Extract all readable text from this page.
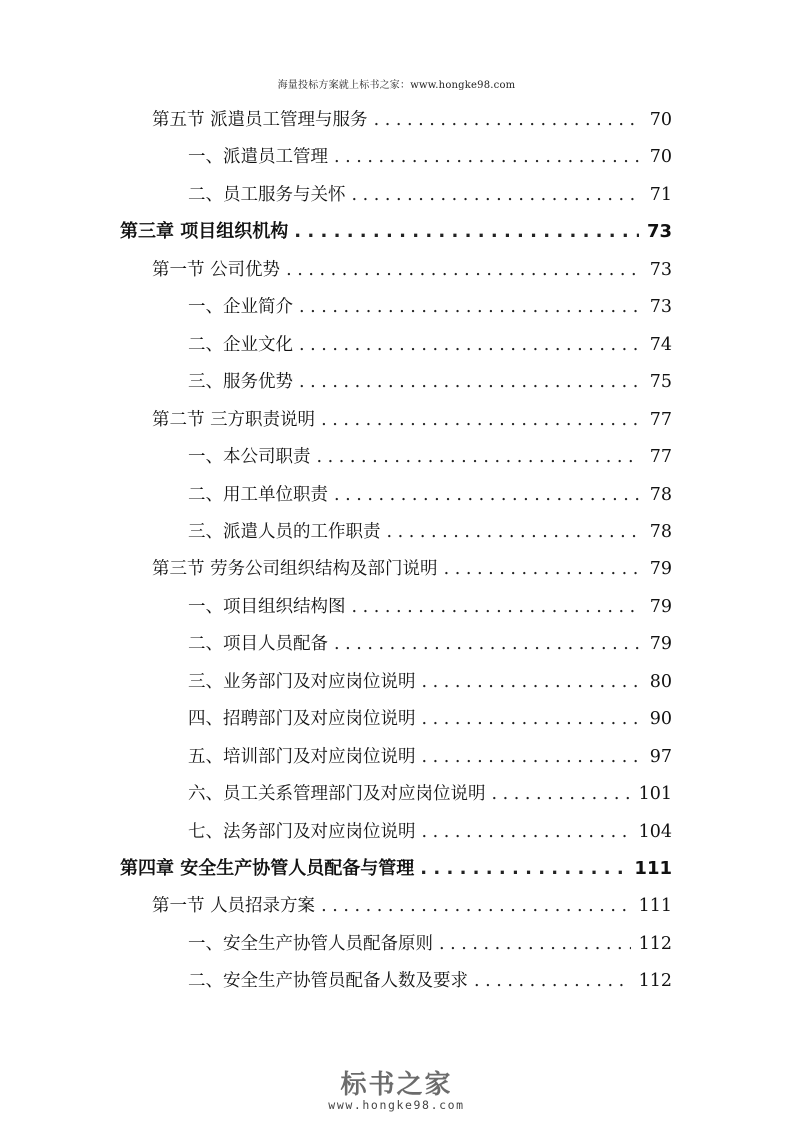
海量投标方案就上标书之家：www.hongke98.com
第五节 派遣员工管理与服务 . . .	70
一、派遣员工管理 . . .	70
二、员工服务与关怀 . . .	71
第三章 项目组织机构 . . .	73
第一节 公司优势 . . .	73
一、企业简介 . . .	73
二、企业文化 . . .	74
三、服务优势 . . .	75
第二节 三方职责说明 . . .	77
一、本公司职责 . . .	77
二、用工单位职责 . . .	78
三、派遣人员的工作职责 . . .	78
第三节 劳务公司组织结构及部门说明 . . .	79
一、项目组织结构图 . . .	79
二、项目人员配备 . . .	79
三、业务部门及对应岗位说明 . . .	80
四、招聘部门及对应岗位说明 . . .	90
五、培训部门及对应岗位说明 . . .	97
六、员工关系管理部门及对应岗位说明 . . .	101
七、法务部门及对应岗位说明 . . .	104
第四章 安全生产协管人员配备与管理 . . .	111
第一节 人员招录方案 . . .	111
一、安全生产协管人员配备原则 . . .	112
二、安全生产协管员配备人数及要求 . . .	112
标书之家
www.hongke98.com
